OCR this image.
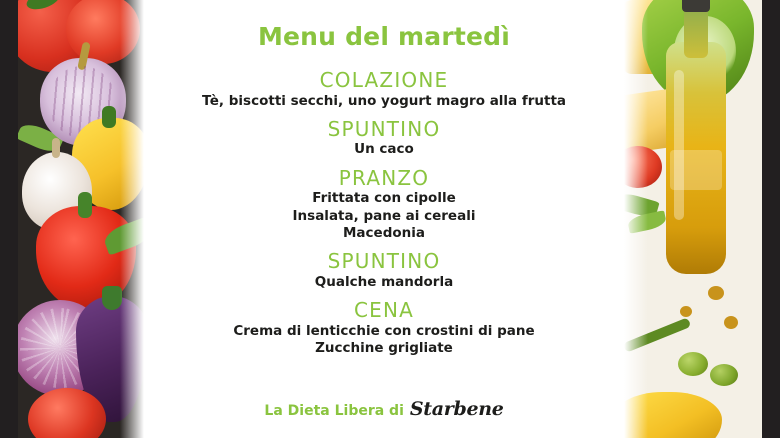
Menu del martedì
COLAZIONE
Tè, biscotti secchi, uno yogurt magro alla frutta
SPUNTINO
Un caco
PRANZO
Frittata con cipolle
Insalata, pane ai cereali
Macedonia
SPUNTINO
Qualche mandorla
CENA
Crema di lenticchie con crostini di pane
Zucchine grigliate
La Dieta Libera di Starbene
